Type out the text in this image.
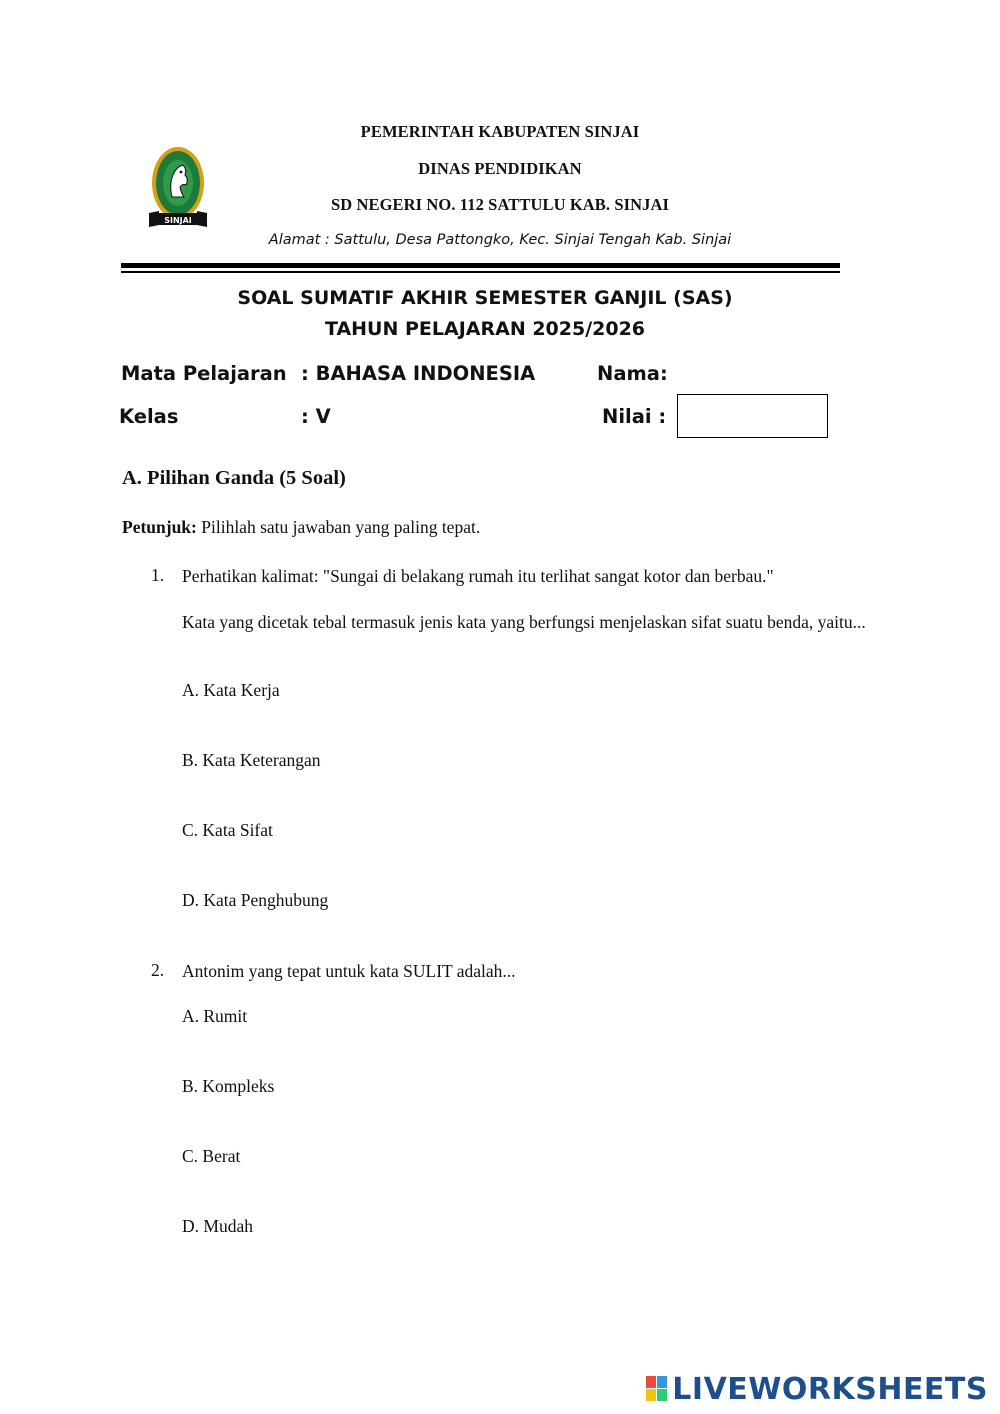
SINJAI
PEMERINTAH KABUPATEN SINJAI
DINAS PENDIDIKAN
SD NEGERI NO. 112 SATTULU KAB. SINJAI
Alamat : Sattulu, Desa Pattongko, Kec. Sinjai Tengah Kab. Sinjai
SOAL SUMATIF AKHIR SEMESTER GANJIL (SAS)
TAHUN PELAJARAN 2025/2026
Mata Pelajaran : BAHASA INDONESIA	Nama:
Kelas	: V	Nilai :
A. Pilihan Ganda (5 Soal)
Petunjuk: Pilihlah satu jawaban yang paling tepat.
1. Perhatikan kalimat: "Sungai di belakang rumah itu terlihat sangat kotor dan berbau."
Kata yang dicetak tebal termasuk jenis kata yang berfungsi menjelaskan sifat suatu benda, yaitu...
A. Kata Kerja
B. Kata Keterangan
C. Kata Sifat
D. Kata Penghubung
2. Antonim yang tepat untuk kata SULIT adalah...
A. Rumit
B. Kompleks
C. Berat
D. Mudah
LIVEWORKSHEETS
